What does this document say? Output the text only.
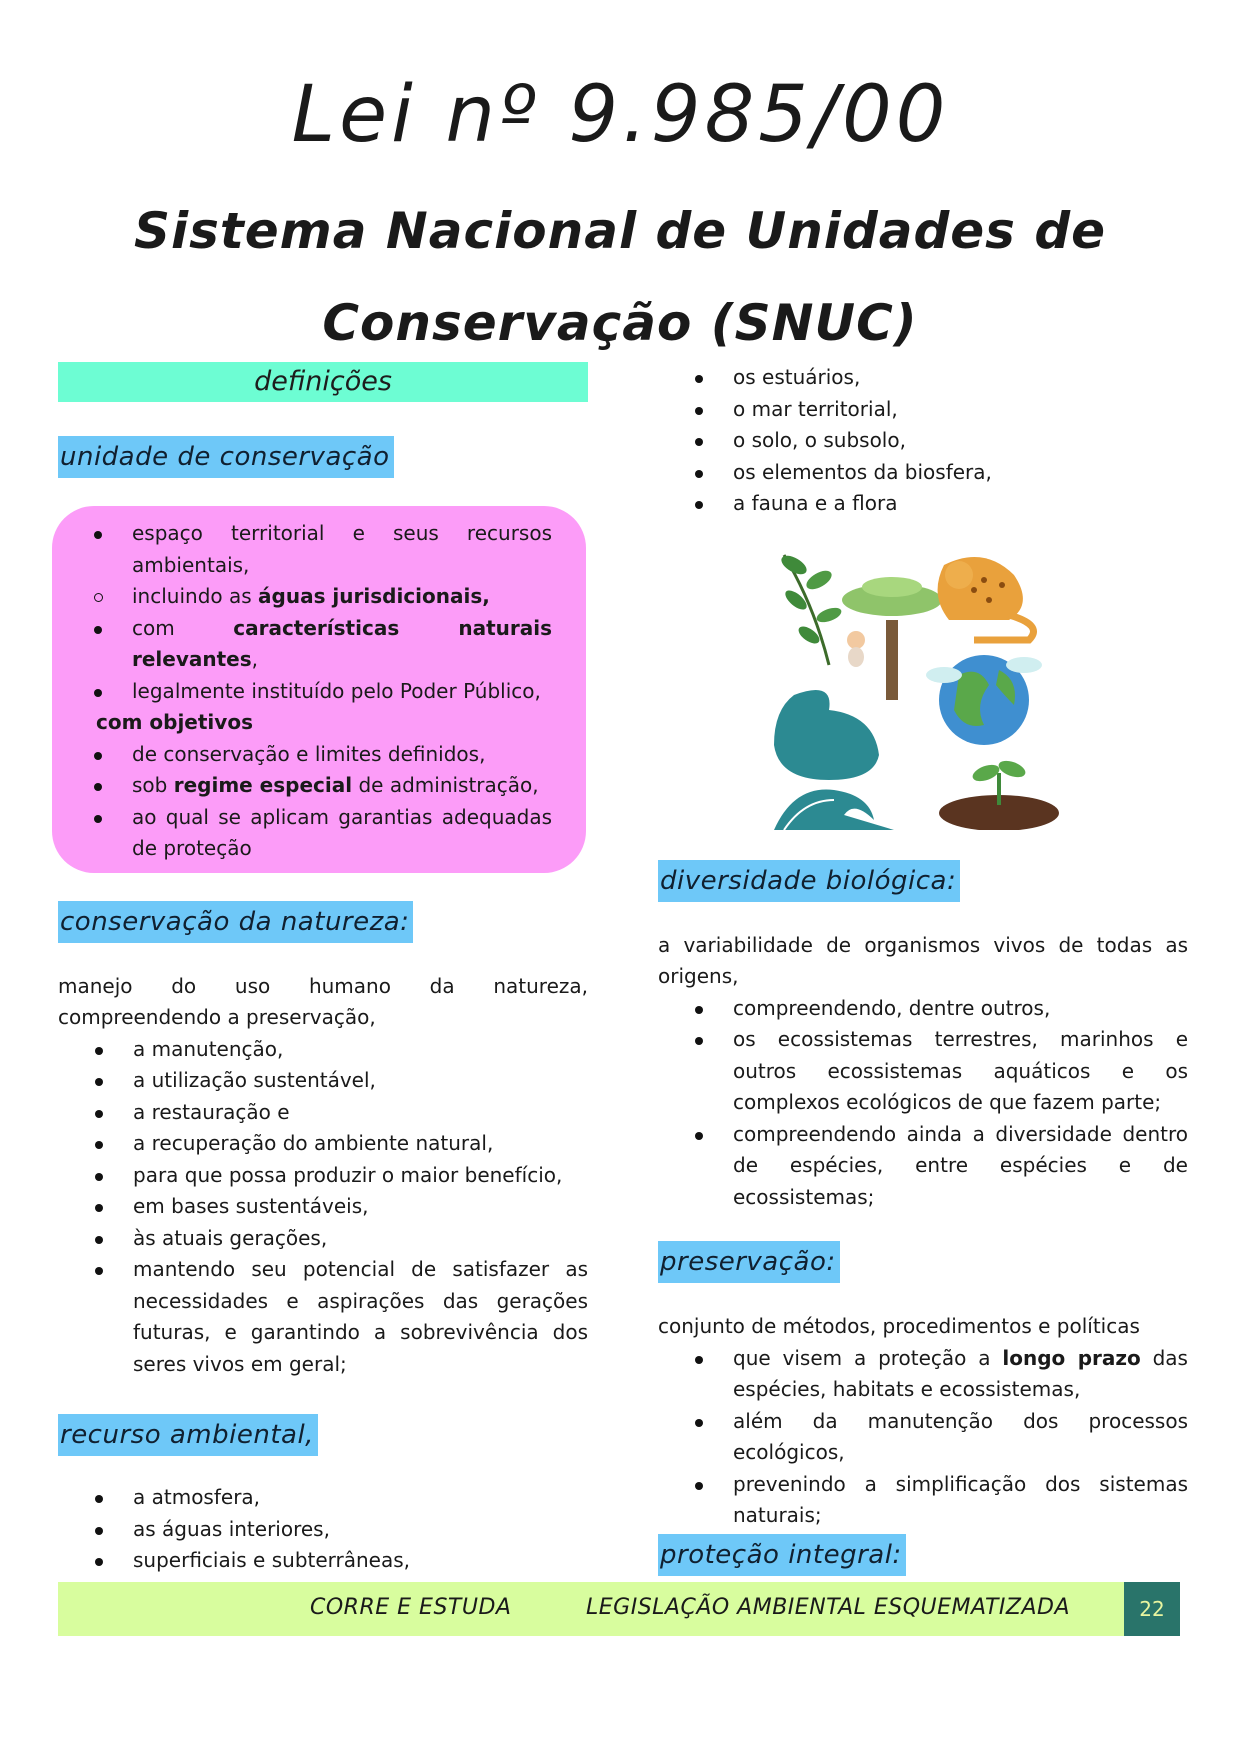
Lei nº 9.985/00
Sistema Nacional de Unidades de Conservação (SNUC)
definições
unidade de conservação
espaço territorial e seus recursos ambientais,
incluindo as águas jurisdicionais,
com características naturais relevantes,
legalmente instituído pelo Poder Público,
com objetivos
de conservação e limites definidos,
sob regime especial de administração,
ao qual se aplicam garantias adequadas de proteção
conservação da natureza:

manejo do uso humano da natureza, compreendendo a preservação,

a manutenção,
a utilização sustentável,
a restauração e
a recuperação do ambiente natural,
para que possa produzir o maior benefício,
em bases sustentáveis,
às atuais gerações,
mantendo seu potencial de satisfazer as necessidades e aspirações das gerações futuras, e garantindo a sobrevivência dos seres vivos em geral;
recurso ambiental,
a atmosfera,
as águas interiores,
superficiais e subterrâneas,
os estuários,
o mar territorial,
o solo, o subsolo,
os elementos da biosfera,
a fauna e a flora
diversidade biológica:

a variabilidade de organismos vivos de todas as origens,

compreendendo, dentre outros,
os ecossistemas terrestres, marinhos e outros ecossistemas aquáticos e os complexos ecológicos de que fazem parte;
compreendendo ainda a diversidade dentro de espécies, entre espécies e de ecossistemas;
preservação:

conjunto de métodos, procedimentos e políticas

que visem a proteção a longo prazo das espécies, habitats e ecossistemas,
além da manutenção dos processos ecológicos,
prevenindo a simplificação dos sistemas naturais;
proteção integral:
CORRE E ESTUDA	LEGISLAÇÃO AMBIENTAL ESQUEMATIZADA	22
